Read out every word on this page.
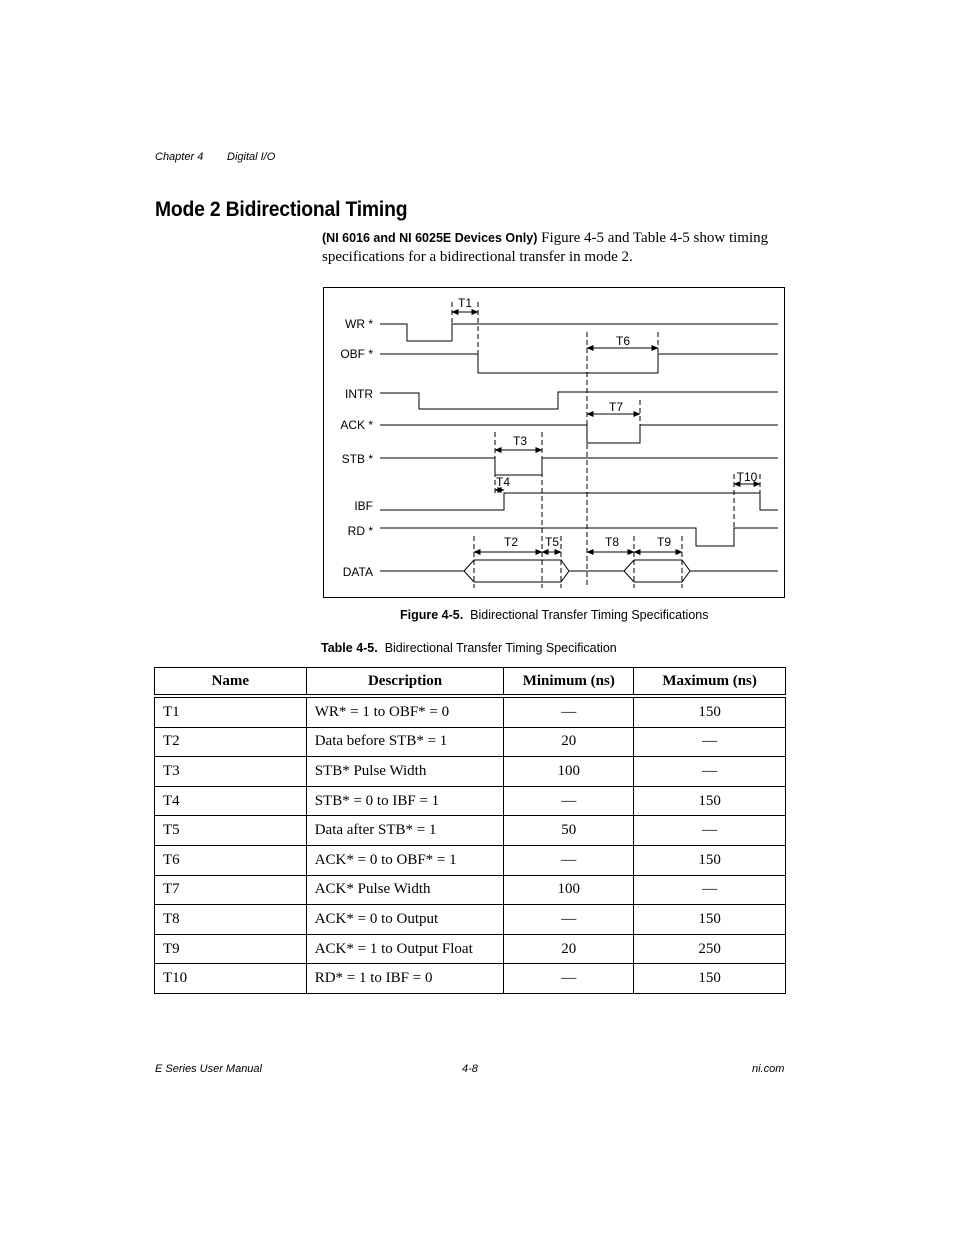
Chapter 4 Digital I/O
Mode 2 Bidirectional Timing
(NI 6016 and NI 6025E Devices Only) Figure 4-5 and Table 4-5 show timing specifications for a bidirectional transfer in mode 2.
WR *
OBF *
INTR
ACK *
STB *
IBF
RD *
DATA
T1
T6
T7
T3
T4	T10
T2 T5	T8	T9
Figure 4-5. Bidirectional Transfer Timing Specifications
Table 4-5. Bidirectional Transfer Timing Specification
Name	Description	Minimum (ns)	Maximum (ns)
T1	WR* = 1 to OBF* = 0	—	150
T2	Data before STB* = 1	20	—
T3	STB* Pulse Width	100	—
T4	STB* = 0 to IBF = 1	—	150
T5	Data after STB* = 1	50	—
T6	ACK* = 0 to OBF* = 1	—	150
T7	ACK* Pulse Width	100	—
T8	ACK* = 0 to Output	—	150
T9	ACK* = 1 to Output Float	20	250
T10	RD* = 1 to IBF = 0	—	150
E Series User Manual	4-8	ni.com
